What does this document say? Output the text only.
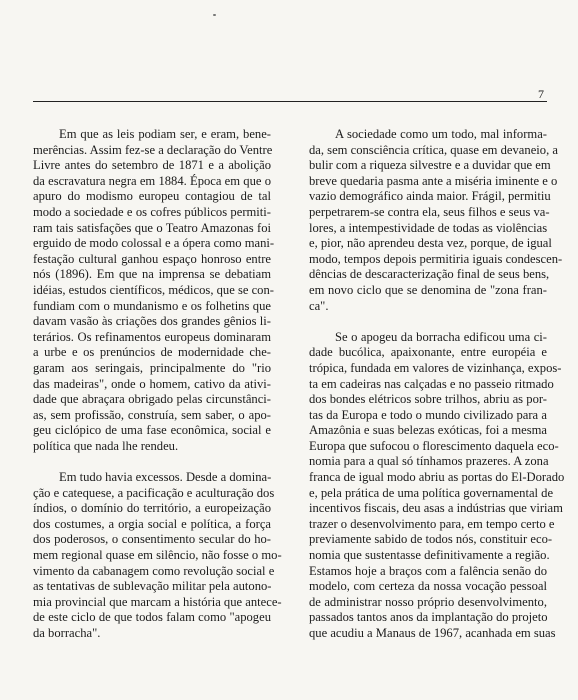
7
Em que as leis podiam ser, e eram, bene-
merências. Assim fez-se a declaração do Ventre
Livre antes do setembro de 1871 e a abolição
da escravatura negra em 1884. Época em que o
apuro do modismo europeu contagiou de tal
modo a sociedade e os cofres públicos permiti-
ram tais satisfações que o Teatro Amazonas foi
erguido de modo colossal e a ópera como mani-
festação cultural ganhou espaço honroso entre
nós (1896). Em que na imprensa se debatiam
idéias, estudos científicos, médicos, que se con-
fundiam com o mundanismo e os folhetins que
davam vasão às criações dos grandes gênios li-
terários. Os refinamentos europeus dominaram
a urbe e os prenúncios de modernidade che-
garam aos seringais, principalmente do "rio
das madeiras", onde o homem, cativo da ativi-
dade que abraçara obrigado pelas circunstânci-
as, sem profissão, construía, sem saber, o apo-
geu ciclópico de uma fase econômica, social e
política que nada lhe rendeu.
Em tudo havia excessos. Desde a domina-
ção e catequese, a pacificação e aculturação dos
índios, o domínio do território, a europeização
dos costumes, a orgia social e política, a força
dos poderosos, o consentimento secular do ho-
mem regional quase em silêncio, não fosse o mo-
vimento da cabanagem como revolução social e
as tentativas de sublevação militar pela autono-
mia provincial que marcam a história que antece-
de este ciclo de que todos falam como "apogeu
da borracha".
A sociedade como um todo, mal informa-
da, sem consciência crítica, quase em devaneio, a
bulir com a riqueza silvestre e a duvidar que em
breve quedaria pasma ante a miséria iminente e o
vazio demográfico ainda maior. Frágil, permitiu
perpetrarem-se contra ela, seus filhos e seus va-
lores, a intempestividade de todas as violências
e, pior, não aprendeu desta vez, porque, de igual
modo, tempos depois permitiria iguais condescen-
dências de descaracterização final de seus bens,
em novo ciclo que se denomina de "zona fran-
ca".
Se o apogeu da borracha edificou uma ci-
dade bucólica, apaixonante, entre européia e
trópica, fundada em valores de vizinhança, expos-
ta em cadeiras nas calçadas e no passeio ritmado
dos bondes elétricos sobre trilhos, abriu as por-
tas da Europa e todo o mundo civilizado para a
Amazônia e suas belezas exóticas, foi a mesma
Europa que sufocou o florescimento daquela eco-
nomia para a qual só tínhamos prazeres. A zona
franca de igual modo abriu as portas do El-Dorado
e, pela prática de uma política governamental de
incentivos fiscais, deu asas a indústrias que viriam
trazer o desenvolvimento para, em tempo certo e
previamente sabido de todos nós, constituir eco-
nomia que sustentasse definitivamente a região.
Estamos hoje a braços com a falência senão do
modelo, com certeza da nossa vocação pessoal
de administrar nosso próprio desenvolvimento,
passados tantos anos da implantação do projeto
que acudiu a Manaus de 1967, acanhada em suas
